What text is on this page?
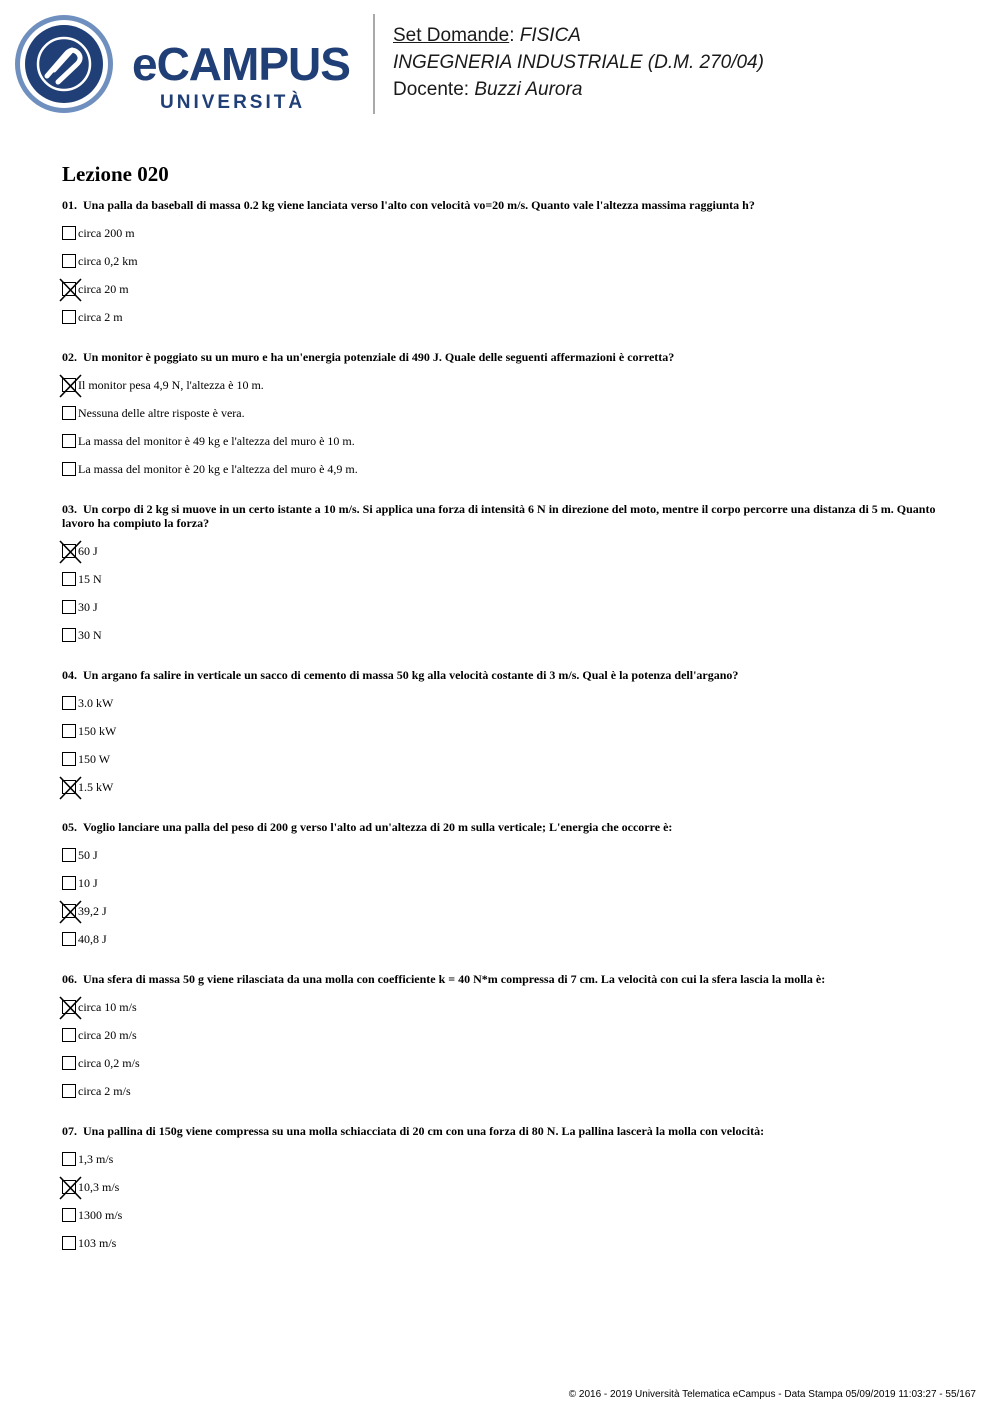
eCAMPUS
UNIVERSITÀ
Set Domande: FISICA
INGEGNERIA INDUSTRIALE (D.M. 270/04)
Docente: Buzzi Aurora
Lezione 020

01. Una palla da baseball di massa 0.2 kg viene lanciata verso l'alto con velocità vo=20 m/s. Quanto vale l'altezza massima raggiunta h?

circa 200 m
circa 0,2 km
circa 20 m
circa 2 m

02. Un monitor è poggiato su un muro e ha un'energia potenziale di 490 J. Quale delle seguenti affermazioni è corretta?

Il monitor pesa 4,9 N, l'altezza è 10 m.
Nessuna delle altre risposte è vera.
La massa del monitor è 49 kg e l'altezza del muro è 10 m.
La massa del monitor è 20 kg e l'altezza del muro è 4,9 m.

03. Un corpo di 2 kg si muove in un certo istante a 10 m/s. Si applica una forza di intensità 6 N in direzione del moto, mentre il corpo percorre una distanza di 5 m. Quanto lavoro ha compiuto la forza?

60 J
15 N
30 J
30 N

04. Un argano fa salire in verticale un sacco di cemento di massa 50 kg alla velocità costante di 3 m/s. Qual è la potenza dell'argano?

3.0 kW
150 kW
150 W
1.5 kW

05. Voglio lanciare una palla del peso di 200 g verso l'alto ad un'altezza di 20 m sulla verticale; L'energia che occorre è:

50 J
10 J
39,2 J
40,8 J

06. Una sfera di massa 50 g viene rilasciata da una molla con coefficiente k = 40 N*m compressa di 7 cm. La velocità con cui la sfera lascia la molla è:

circa 10 m/s
circa 20 m/s
circa 0,2 m/s
circa 2 m/s

07. Una pallina di 150g viene compressa su una molla schiacciata di 20 cm con una forza di 80 N. La pallina lascerà la molla con velocità:

1,3 m/s
10,3 m/s
1300 m/s
103 m/s
© 2016 - 2019 Università Telematica eCampus - Data Stampa 05/09/2019 11:03:27 - 55/167
